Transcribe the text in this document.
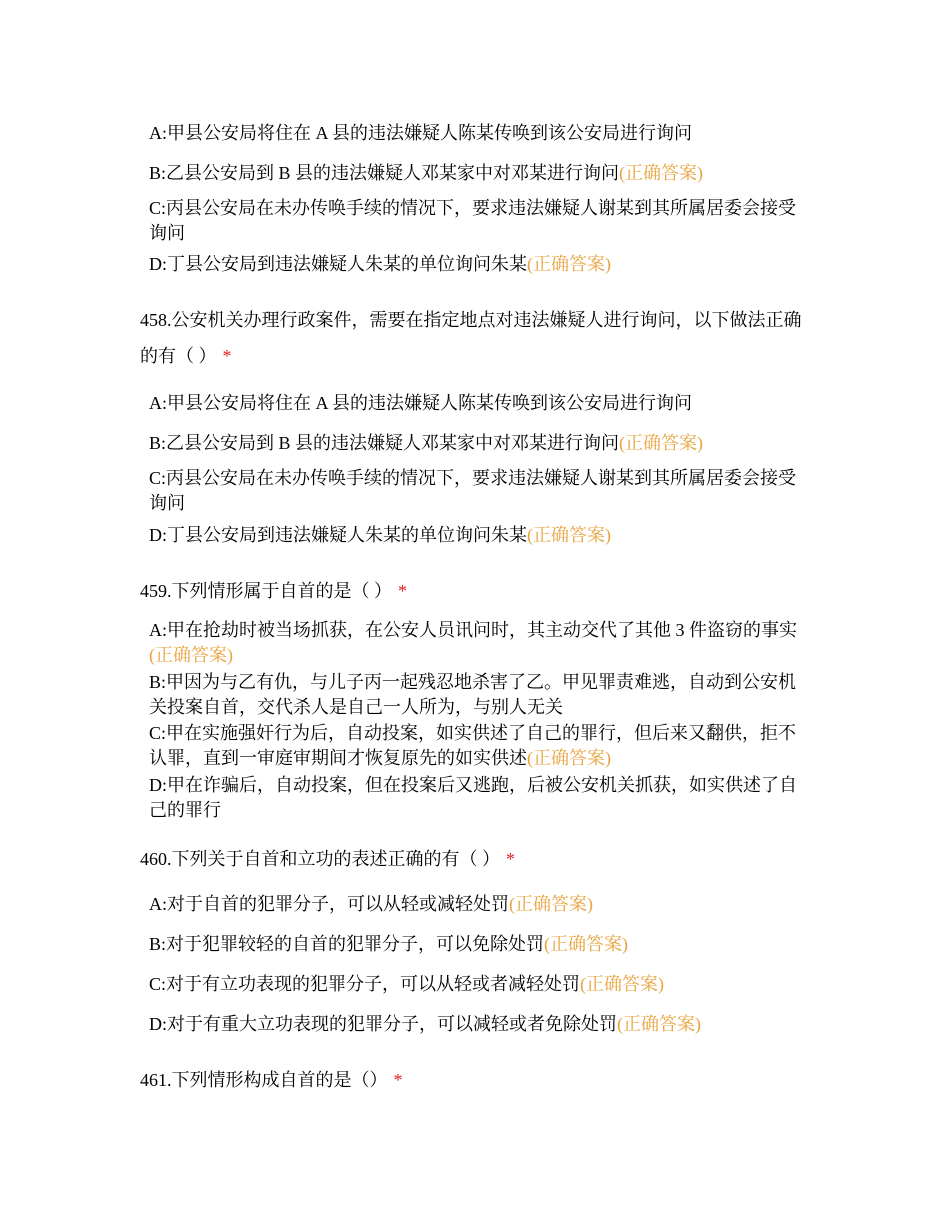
A:甲县公安局将住在 A 县的违法嫌疑人陈某传唤到该公安局进行询问
B:乙县公安局到 B 县的违法嫌疑人邓某家中对邓某进行询问(正确答案)
C:丙县公安局在未办传唤手续的情况下，要求违法嫌疑人谢某到其所属居委会接受询问
D:丁县公安局到违法嫌疑人朱某的单位询问朱某(正确答案)
458.公安机关办理行政案件，需要在指定地点对违法嫌疑人进行询问，以下做法正确的有（ ） *
A:甲县公安局将住在 A 县的违法嫌疑人陈某传唤到该公安局进行询问
B:乙县公安局到 B 县的违法嫌疑人邓某家中对邓某进行询问(正确答案)
C:丙县公安局在未办传唤手续的情况下，要求违法嫌疑人谢某到其所属居委会接受询问
D:丁县公安局到违法嫌疑人朱某的单位询问朱某(正确答案)
459.下列情形属于自首的是（ ） *
A:甲在抢劫时被当场抓获，在公安人员讯问时，其主动交代了其他 3 件盗窃的事实(正确答案)
B:甲因为与乙有仇，与儿子丙一起残忍地杀害了乙。甲见罪责难逃，自动到公安机关投案自首，交代杀人是自己一人所为，与别人无关
C:甲在实施强奸行为后，自动投案，如实供述了自己的罪行，但后来又翻供，拒不认罪，直到一审庭审期间才恢复原先的如实供述(正确答案)
D:甲在诈骗后，自动投案，但在投案后又逃跑，后被公安机关抓获，如实供述了自己的罪行
460.下列关于自首和立功的表述正确的有（ ） *
A:对于自首的犯罪分子，可以从轻或减轻处罚(正确答案)
B:对于犯罪较轻的自首的犯罪分子，可以免除处罚(正确答案)
C:对于有立功表现的犯罪分子，可以从轻或者减轻处罚(正确答案)
D:对于有重大立功表现的犯罪分子，可以减轻或者免除处罚(正确答案)
461.下列情形构成自首的是（） *
